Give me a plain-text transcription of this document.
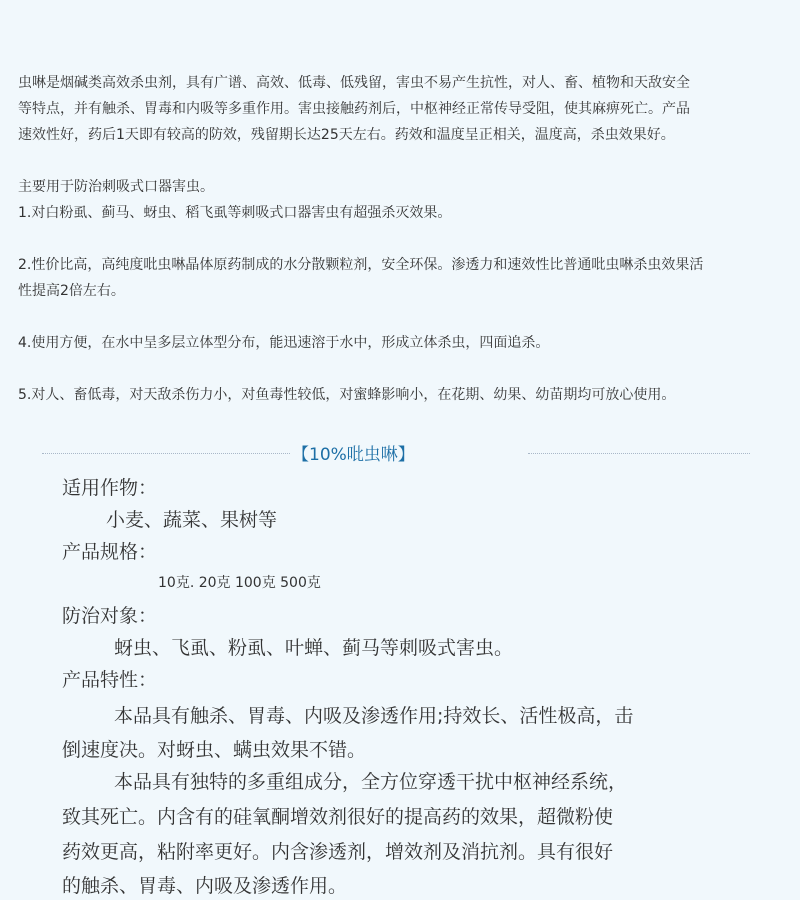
虫啉是烟碱类高效杀虫剂，具有广谱、高效、低毒、低残留，害虫不易产生抗性，对人、畜、植物和天敌安全

等特点，并有触杀、胃毒和内吸等多重作用。害虫接触药剂后，中枢神经正常传导受阻，使其麻痹死亡。产品

速效性好，药后1天即有较高的防效，残留期长达25天左右。药效和温度呈正相关，温度高，杀虫效果好。

主要用于防治刺吸式口器害虫。

1.对白粉虱、蓟马、蚜虫、稻飞虱等刺吸式口器害虫有超强杀灭效果。

2.性价比高，高纯度吡虫啉晶体原药制成的水分散颗粒剂，安全环保。渗透力和速效性比普通吡虫啉杀虫效果活

性提高2倍左右。

4.使用方便，在水中呈多层立体型分布，能迅速溶于水中，形成立体杀虫，四面追杀。

5.对人、畜低毒，对天敌杀伤力小，对鱼毒性较低，对蜜蜂影响小，在花期、幼果、幼苗期均可放心使用。

【10%吡虫啉】
适用作物：
小麦、蔬菜、果树等
产品规格：
10克. 20克 100克 500克
防治对象：
蚜虫、飞虱、粉虱、叶蝉、蓟马等刺吸式害虫。
产品特性：
本品具有触杀、胃毒、内吸及渗透作用;持效长、活性极高，击
倒速度决。对蚜虫、螨虫效果不错。
本品具有独特的多重组成分，全方位穿透干扰中枢神经系统，
致其死亡。内含有的硅氧酮增效剂很好的提高药的效果，超微粉使
药效更高，粘附率更好。内含渗透剂，增效剂及消抗剂。具有很好
的触杀、胃毒、内吸及渗透作用。
